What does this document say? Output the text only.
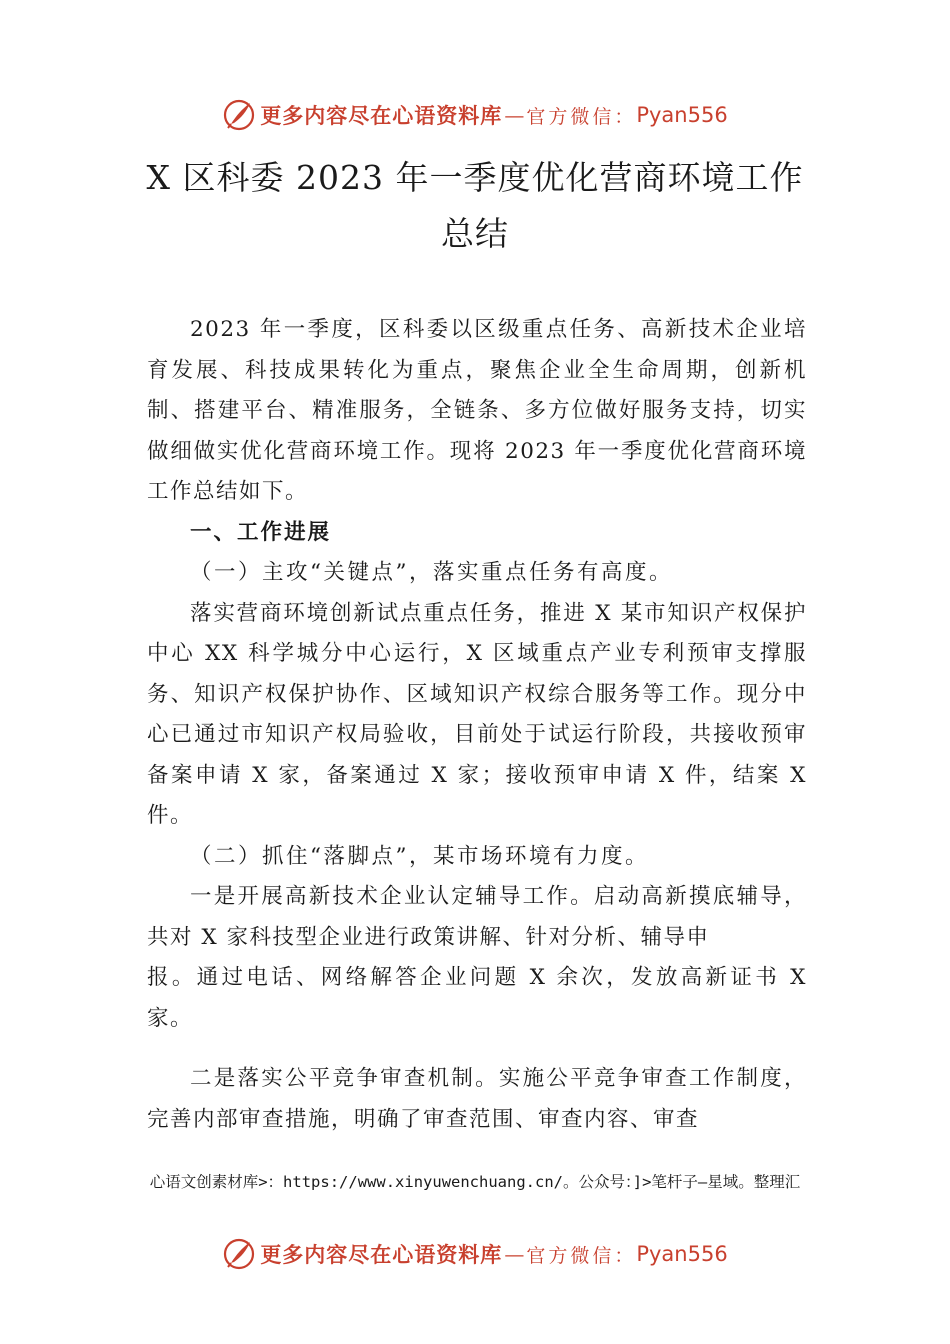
更多内容尽在心语资料库 — 官方微信： Pyan556
X 区科委 2023 年一季度优化营商环境工作
总结

2023 年一季度，区科委以区级重点任务、高新技术企业培育发展、科技成果转化为重点，聚焦企业全生命周期，创新机制、搭建平台、精准服务，全链条、多方位做好服务支持，切实做细做实优化营商环境工作。现将 2023 年一季度优化营商环境工作总结如下。

一、工作进展

（一）主攻“关键点”，落实重点任务有高度。

落实营商环境创新试点重点任务，推进 X 某市知识产权保护中心 XX 科学城分中心运行，X 区域重点产业专利预审支撑服务、知识产权保护协作、区域知识产权综合服务等工作。现分中心已通过市知识产权局验收，目前处于试运行阶段，共接收预审备案申请 X 家，备案通过 X 家；接收预审申请 X 件，结案 X 件。

（二）抓住“落脚点”，某市场环境有力度。

一是开展高新技术企业认定辅导工作。启动高新摸底辅导，共对 X 家科技型企业进行政策讲解、针对分析、辅导申

报。通过电话、网络解答企业问题 X 余次，发放高新证书 X 家。

二是落实公平竞争审查机制。实施公平竞争审查工作制度，完善内部审查措施，明确了审查范围、审查内容、审查

心语文创素材库>：https://www.xinyuwenchuang.cn/。公众号：]>笔杆子—星域。整理汇
更多内容尽在心语资料库 — 官方微信： Pyan556
